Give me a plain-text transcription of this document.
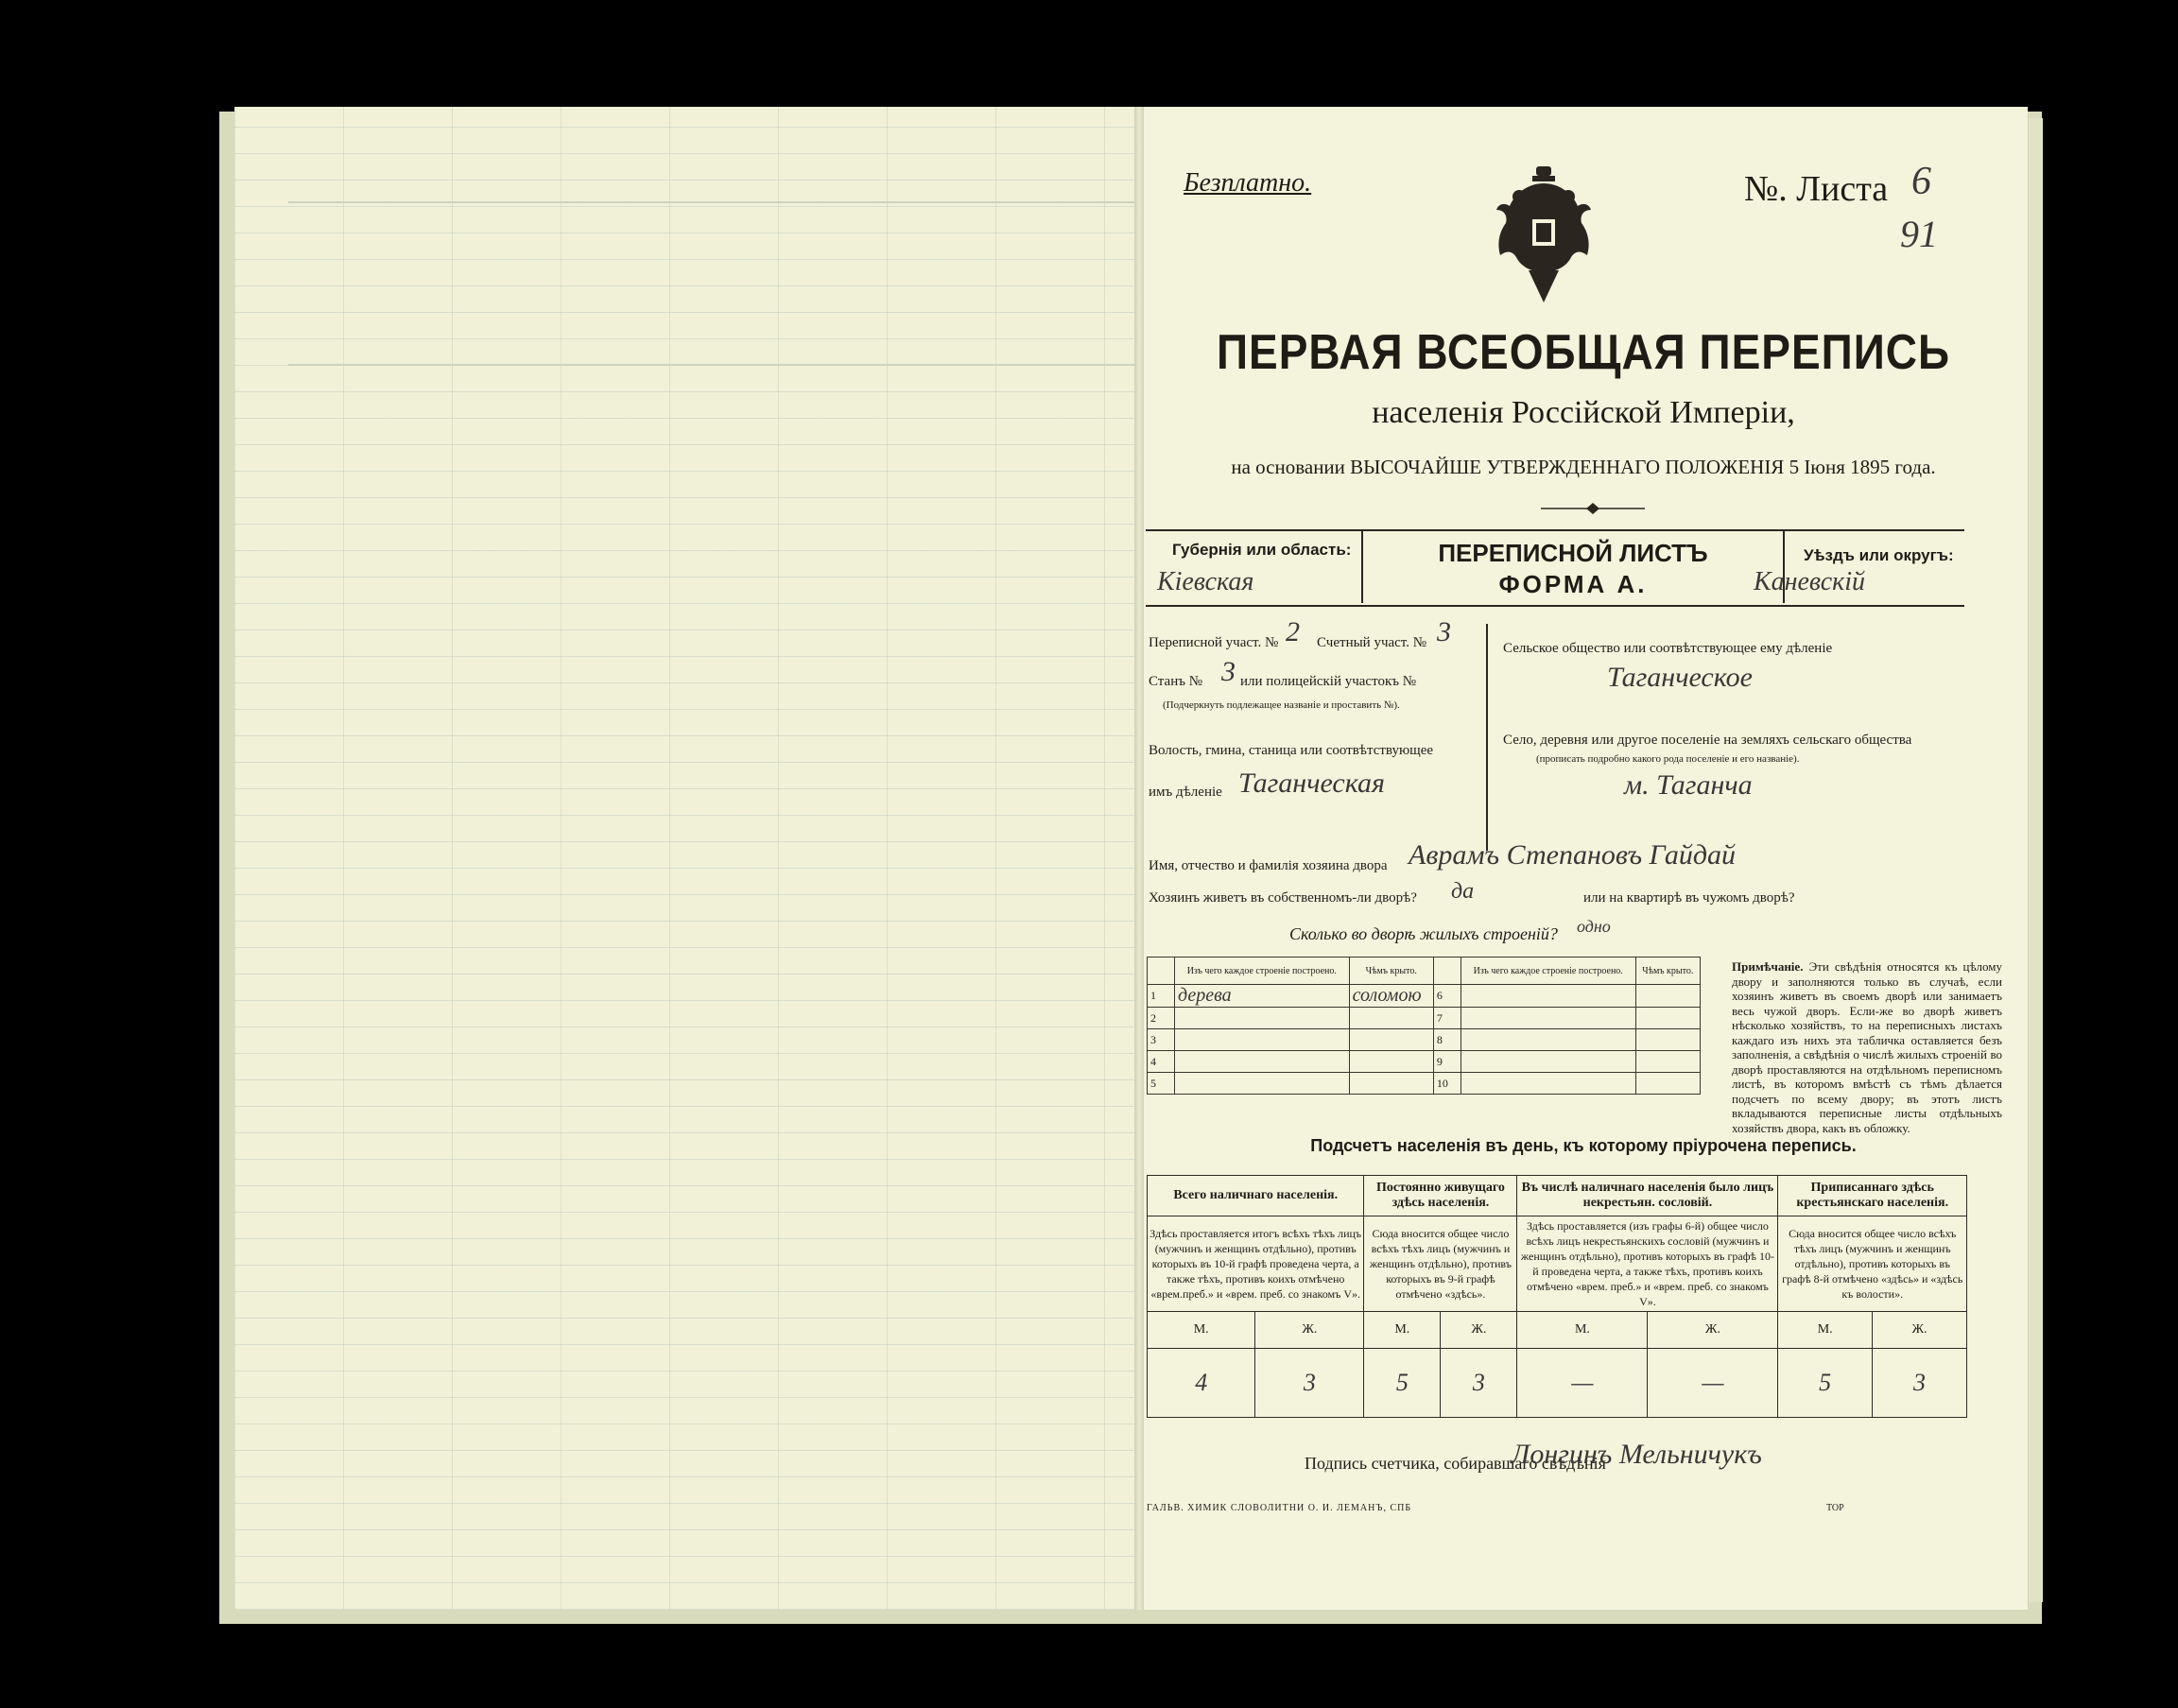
Безплатно.	№. Листа 6
91
ПЕРВАЯ ВСЕОБЩАЯ ПЕРЕПИСЬ
населенія Россійской Имперіи,
на основании ВЫСОЧАЙШЕ УТВЕРЖДЕННАГО ПОЛОЖЕНІЯ 5 Іюня 1895 года.
Губернія или область:
Кіевская
ПЕРЕПИСНОЙ ЛИСТЪ
ФОРМА А.
Уѣздъ или округъ:
Каневскій
Переписной участ. № 2 Счетный участ. № 3
Станъ № 3 или полицейскій участокъ №
(Подчеркнуть подлежащее названіе и проставить №).
Волость, гмина, станица или соотвѣтствующее
имъ дѣленіе Таганческая
Сельское общество или соотвѣтствующее ему дѣленіе
Таганческое
Село, деревня или другое поселеніе на земляхъ сельскаго общества
(прописать подробно какого рода поселеніе и его названіе).
м. Таганча
Имя, отчество и фамилія хозяина двора Аврамъ Степановъ Гайдай
Хозяинъ живетъ въ собственномъ-ли дворѣ? да	или на квартирѣ въ чужомъ дворѣ?
Сколько во дворѣ жилыхъ строеній? одно
	Изъ чего каждое строеніе построено.	Чѣмъ крыто.		Изъ чего каждое строеніе построено.	Чѣмъ крыто.
1	дерева	соломою	6		
2			7		
3			8		
4			9		
5			10		
Примѣчаніе. Эти свѣдѣнія относятся къ цѣлому двору и заполняются только въ случаѣ, если хозяинъ живетъ въ своемъ дворѣ или занимаетъ весь чужой дворъ. Если-же во дворѣ живетъ нѣсколько хозяйствъ, то на переписныхъ листахъ каждаго изъ нихъ эта табличка оставляется безъ заполненія, а свѣдѣнія о числѣ жилыхъ строеній во дворѣ проставляются на отдѣльномъ переписномъ листѣ, въ которомъ вмѣстѣ съ тѣмъ дѣлается подсчетъ по всему двору; въ этотъ листъ вкладываются переписные листы отдѣльныхъ хозяйствъ двора, какъ въ обложку.
Подсчетъ населенія въ день, къ которому пріурочена перепись.
Всего наличнаго населенія.		Постоянно живущаго здѣсь населенія.		Въ числѣ наличнаго населенія было лицъ некрестьян. сословій.		Приписаннаго здѣсь крестьянскаго населенія.	
Здѣсь проставляется итогъ всѣхъ тѣхъ лицъ (мужчинъ и женщинъ отдѣльно), противъ которыхъ въ 10-й графѣ проведена черта, а также тѣхъ, противъ коихъ отмѣчено «врем.преб.» и «врем. преб. со знакомъ V».		Сюда вносится общее число всѣхъ тѣхъ лицъ (мужчинъ и женщинъ отдѣльно), противъ которыхъ въ 9-й графѣ отмѣчено «здѣсь».		Здѣсь проставляется (изъ графы 6-й) общее число всѣхъ лицъ некрестьянскихъ сословій (мужчинъ и женщинъ отдѣльно), противъ которыхъ въ графѣ 10-й проведена черта, а также тѣхъ, противъ коихъ отмѣчено «врем. преб.» и «врем. преб. со знакомъ V».		Сюда вносится общее число всѣхъ тѣхъ лицъ (мужчинъ и женщинъ отдѣльно), противъ которыхъ въ графѣ 8-й отмѣчено «здѣсь» и «здѣсь къ волости».	
М.	Ж.	М.	Ж.	М.	Ж.	М.	Ж.
4	3	5	3	—	—	5	3
Подпись счетчика, собиравшаго свѣдѣнія
Лонгинъ Мельничукъ
ГАЛЬВ. ХИМИК СЛОВОЛИТНИ О. И. ЛЕМАНЪ, СПБ	TOP
